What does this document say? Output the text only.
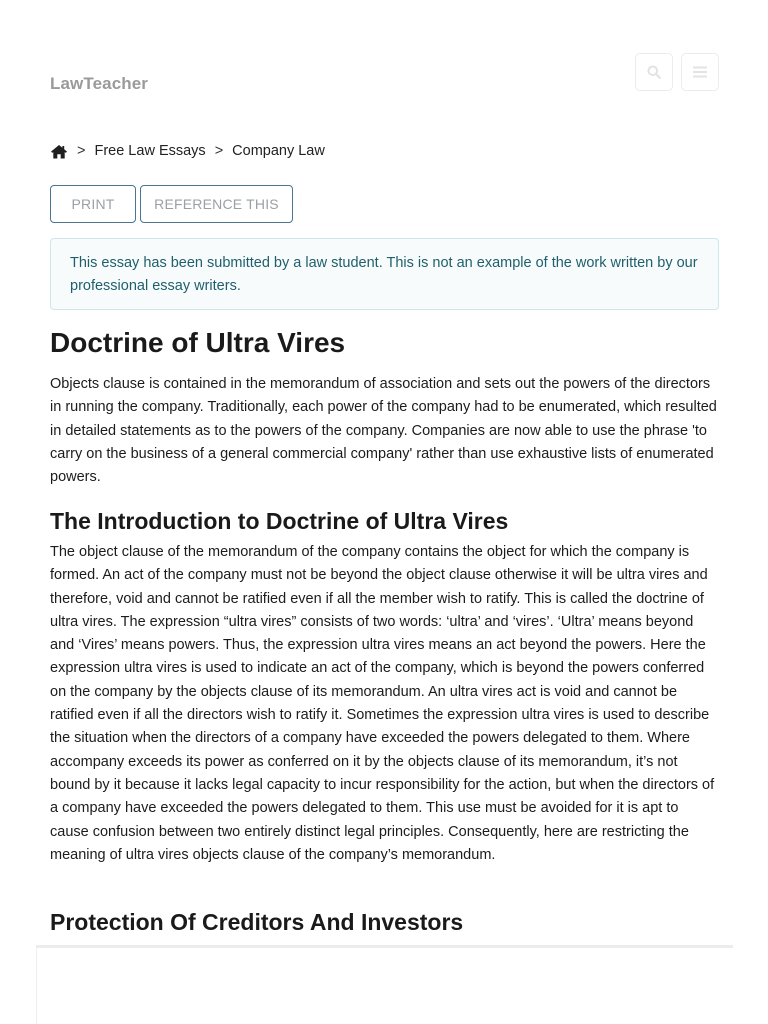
LawTeacher
> Free Law Essays > Company Law
PRINT	REFERENCE THIS
This essay has been submitted by a law student. This is not an example of the work written by our professional essay writers.
Doctrine of Ultra Vires

Objects clause is contained in the memorandum of association and sets out the powers of the directors in running the company. Traditionally, each power of the company had to be enumerated, which resulted in detailed statements as to the powers of the company. Companies are now able to use the phrase 'to carry on the business of a general commercial company' rather than use exhaustive lists of enumerated powers.

The Introduction to Doctrine of Ultra Vires

The object clause of the memorandum of the company contains the object for which the company is formed. An act of the company must not be beyond the object clause otherwise it will be ultra vires and therefore, void and cannot be ratified even if all the member wish to ratify. This is called the doctrine of ultra vires. The expression “ultra vires” consists of two words: ‘ultra’ and ‘vires’. ‘Ultra’ means beyond and ‘Vires’ means powers. Thus, the expression ultra vires means an act beyond the powers. Here the expression ultra vires is used to indicate an act of the company, which is beyond the powers conferred on the company by the objects clause of its memorandum. An ultra vires act is void and cannot be ratified even if all the directors wish to ratify it. Sometimes the expression ultra vires is used to describe the situation when the directors of a company have exceeded the powers delegated to them. Where accompany exceeds its power as conferred on it by the objects clause of its memorandum, it’s not bound by it because it lacks legal capacity to incur responsibility for the action, but when the directors of a company have exceeded the powers delegated to them. This use must be avoided for it is apt to cause confusion between two entirely distinct legal principles. Consequently, here are restricting the meaning of ultra vires objects clause of the company’s memorandum.

Protection Of Creditors And Investors
